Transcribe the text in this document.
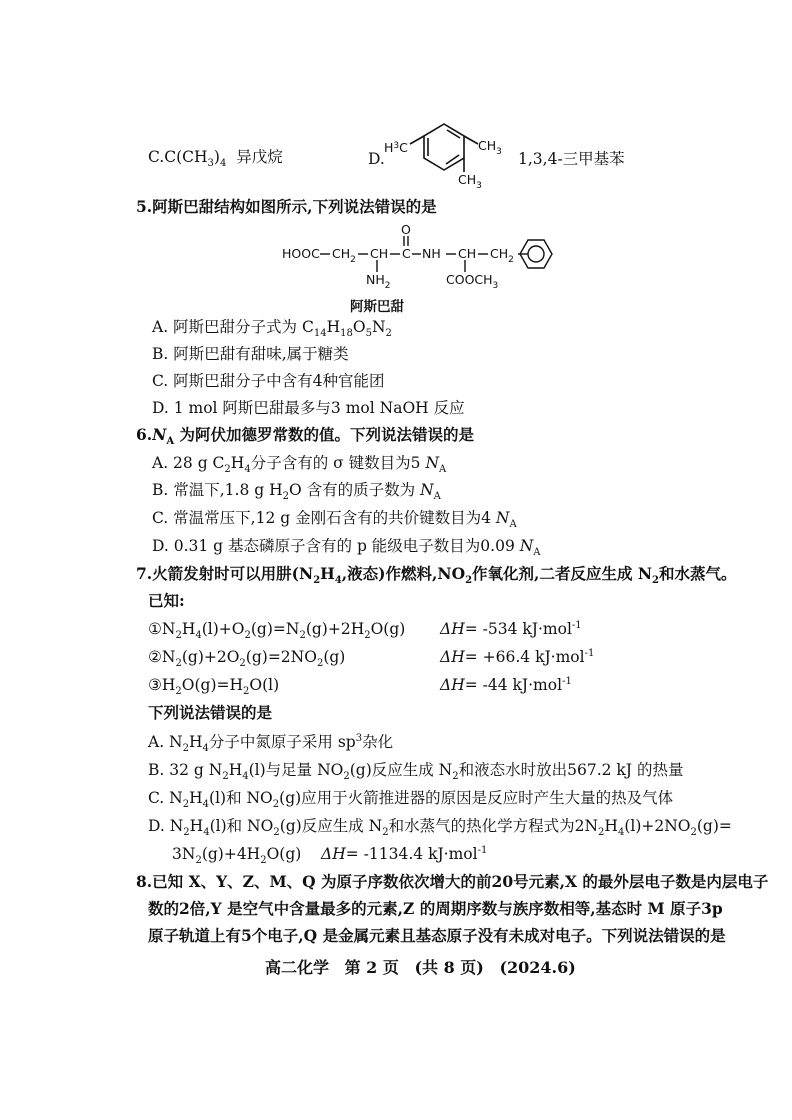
$C.C(CH_3)_4$ 异戊烷	D.
$H^3C$	$CH_3$
$CH_3$
1,3,4-三甲基苯
5.阿斯巴甜结构如图所示,下列说法错误的是
HOOC $CH_2$ CH C
O
NH CH $CH_2$
$NH_2$	$COOCH_3$
阿斯巴甜
A. 阿斯巴甜分子式为 $C_{14}H_{18}O_5N_2$
B. 阿斯巴甜有甜味,属于糖类
C. 阿斯巴甜分子中含有4种官能团
D. 1 mol 阿斯巴甜最多与3 mol NaOH 反应
$6.N_A$ 为阿伏加德罗常数的值。下列说法错误的是
A. 28 g $C_2H_4$分子含有的 σ 键数目为5 $N_A$
B. 常温下,1.8 g $H_2O$ 含有的质子数为 $N_A$
C. 常温常压下,12 g 金刚石含有的共价键数目为4 $N_A$
D. 0.31 g 基态磷原子含有的 p 能级电子数目为0.09 $N_A$
7.火箭发射时可以用肼($N_2H_4$,液态)作燃料$,NO_2$作氧化剂,二者反应生成 $N_2$和水蒸气。
已知:
$①N_2H_4(l)+O_2(g)=N_2(g)+2H_2O(g)$ ΔH= -534 kJ·mol$^{-1}$
$②N_2(g)+2O_2(g)=2NO_2(g)$	ΔH= +66.4 kJ·mol$^{-1}$
$③H_2O(g)=H_2O(l)$	ΔH= -44 kJ·mol$^{-1}$
下列说法错误的是
A. $N_2H_4$分子中氮原子采用 $sp^3$杂化
B. 32 g $N_2H_4(l)$与足量 $NO_2(g)$反应生成 $N_2$和液态水时放出567.2 kJ 的热量
C. $N_2H_4(l)$和 $NO_2(g)$应用于火箭推进器的原因是反应时产生大量的热及气体
D. $N_2H_4(l)$和 $NO_2(g)$反应生成 $N_2$和水蒸气的热化学方程式为$2N_2H_4(l)+2NO_2(g)=$
$3N_2(g)+4H_2O(g)$ ΔH= -1134.4 kJ·mol$^{-1}$
8.已知 X、Y、Z、M、Q 为原子序数依次增大的前20号元素,X 的最外层电子数是内层电子
数的2倍,Y 是空气中含量最多的元素,Z 的周期序数与族序数相等,基态时 M 原子3p
原子轨道上有5个电子,Q 是金属元素且基态原子没有未成对电子。下列说法错误的是
高二化学 第 2 页 (共 8 页) (2024.6)
